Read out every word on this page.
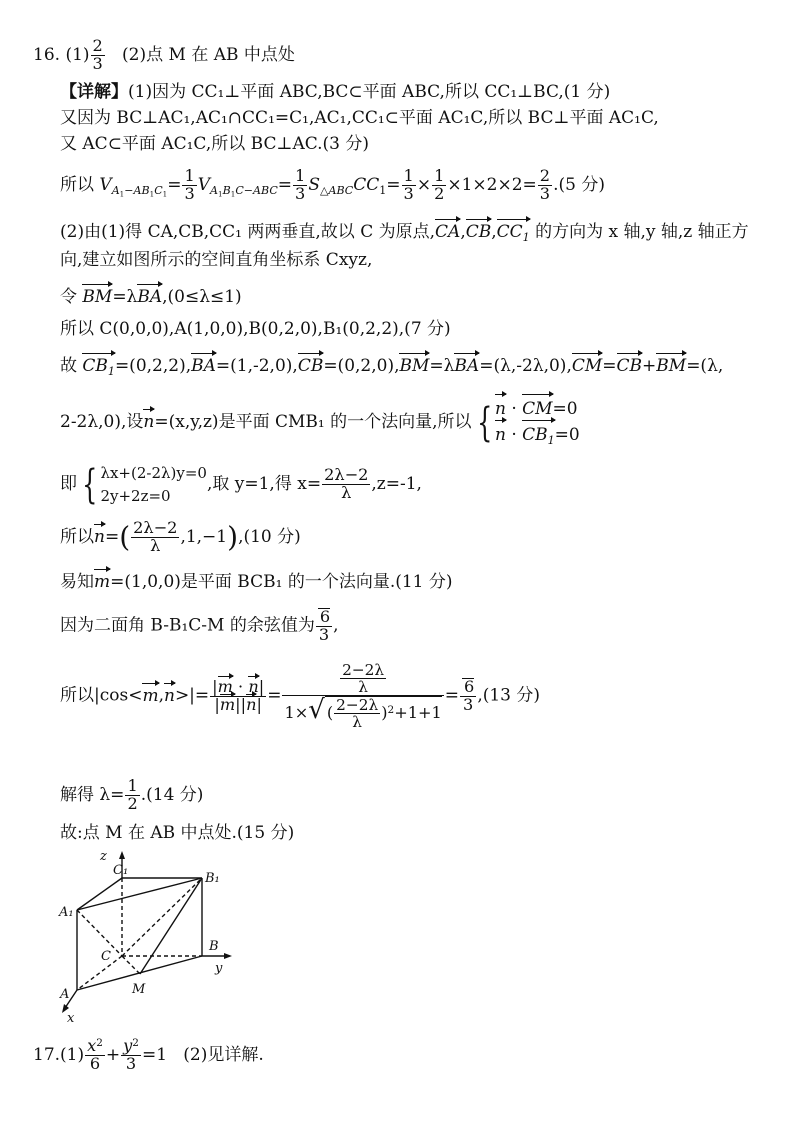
16. $(1) \frac{2}{3} (2)$点 M 在 AB 中点处
【详解】(1)因为 CC₁⊥平面 ABC,BC⊂平面 ABC,所以 CC₁⊥BC,(1 分)
又因为 BC⊥AC₁,AC₁∩CC₁=C₁,AC₁,CC₁⊂平面 AC₁C,所以 BC⊥平面 AC₁C,
又 AC⊂平面 AC₁C,所以 BC⊥AC.(3 分)
所以 $V_{A_1-AB_1C_1}= \frac{1}{3} V_{A_1B_1C-ABC}= \frac{1}{3} S_{\triangle ABC}CC_1= \frac{1}{3} \times \frac{1}{2} \times 1\times 2\times 2= \frac{2}{3} .(5$ 分)
(2)由(1)得 CA,CB,CC₁ 两两垂直,故以 C 为原点$,CA,CB,CC_1$ 的方向为 x 轴,y 轴,z 轴正方
向,建立如图所示的空间直角坐标系 Cxyz,
令 BM=λBA,(0≤λ≤1)
所以 C(0,0,0),A(1,0,0),B(0,2,0),B₁(0,2,2),(7 分)
故 $CB_1=(0,2,2),BA=(1,-2,0),CB=(0,2,0),BM=\lambda BA=(\lambda,-2\lambda,0),CM=CB+BM=(\lambda$,
2-2λ,0),设n=(x,y,z)是平面 CMB₁ 的一个法向量,所以 { n · CM=0
$n \cdot CB_1=0$
即 { λx+(2-2λ)y=0
2y+2z=0,取 y=1,得 $x= \frac{2\lambda-2}{\lambda} ,z=-1$,
所以$n=( \frac{2\lambda-2}{\lambda} ,1,-1),(10$ 分)
易知m=(1,0,0)是平面 BCB₁ 的一个法向量.(11 分)
因为二面角 B-B₁C-M 的余弦值为 $\frac{6}{3}$ ,
所以$|\cos<m,n>|= \frac{|m \cdot n|}{|m||n|} = \frac{\frac{2-2\lambda}{\lambda}}{1\times√ ( \frac{2-2\lambda}{\lambda} )^2+1+1} = \frac{6}{3} ,(13$ 分)
解得 $\lambda= \frac{1}{2} .(14$ 分)
故:点 M 在 AB 中点处.(15 分)
z
C₁
B₁
A₁
C
B
y
A	M
x
$17.(1) \frac{x^2}{6} + \frac{y^2}{3} =1$ (2)见详解.
